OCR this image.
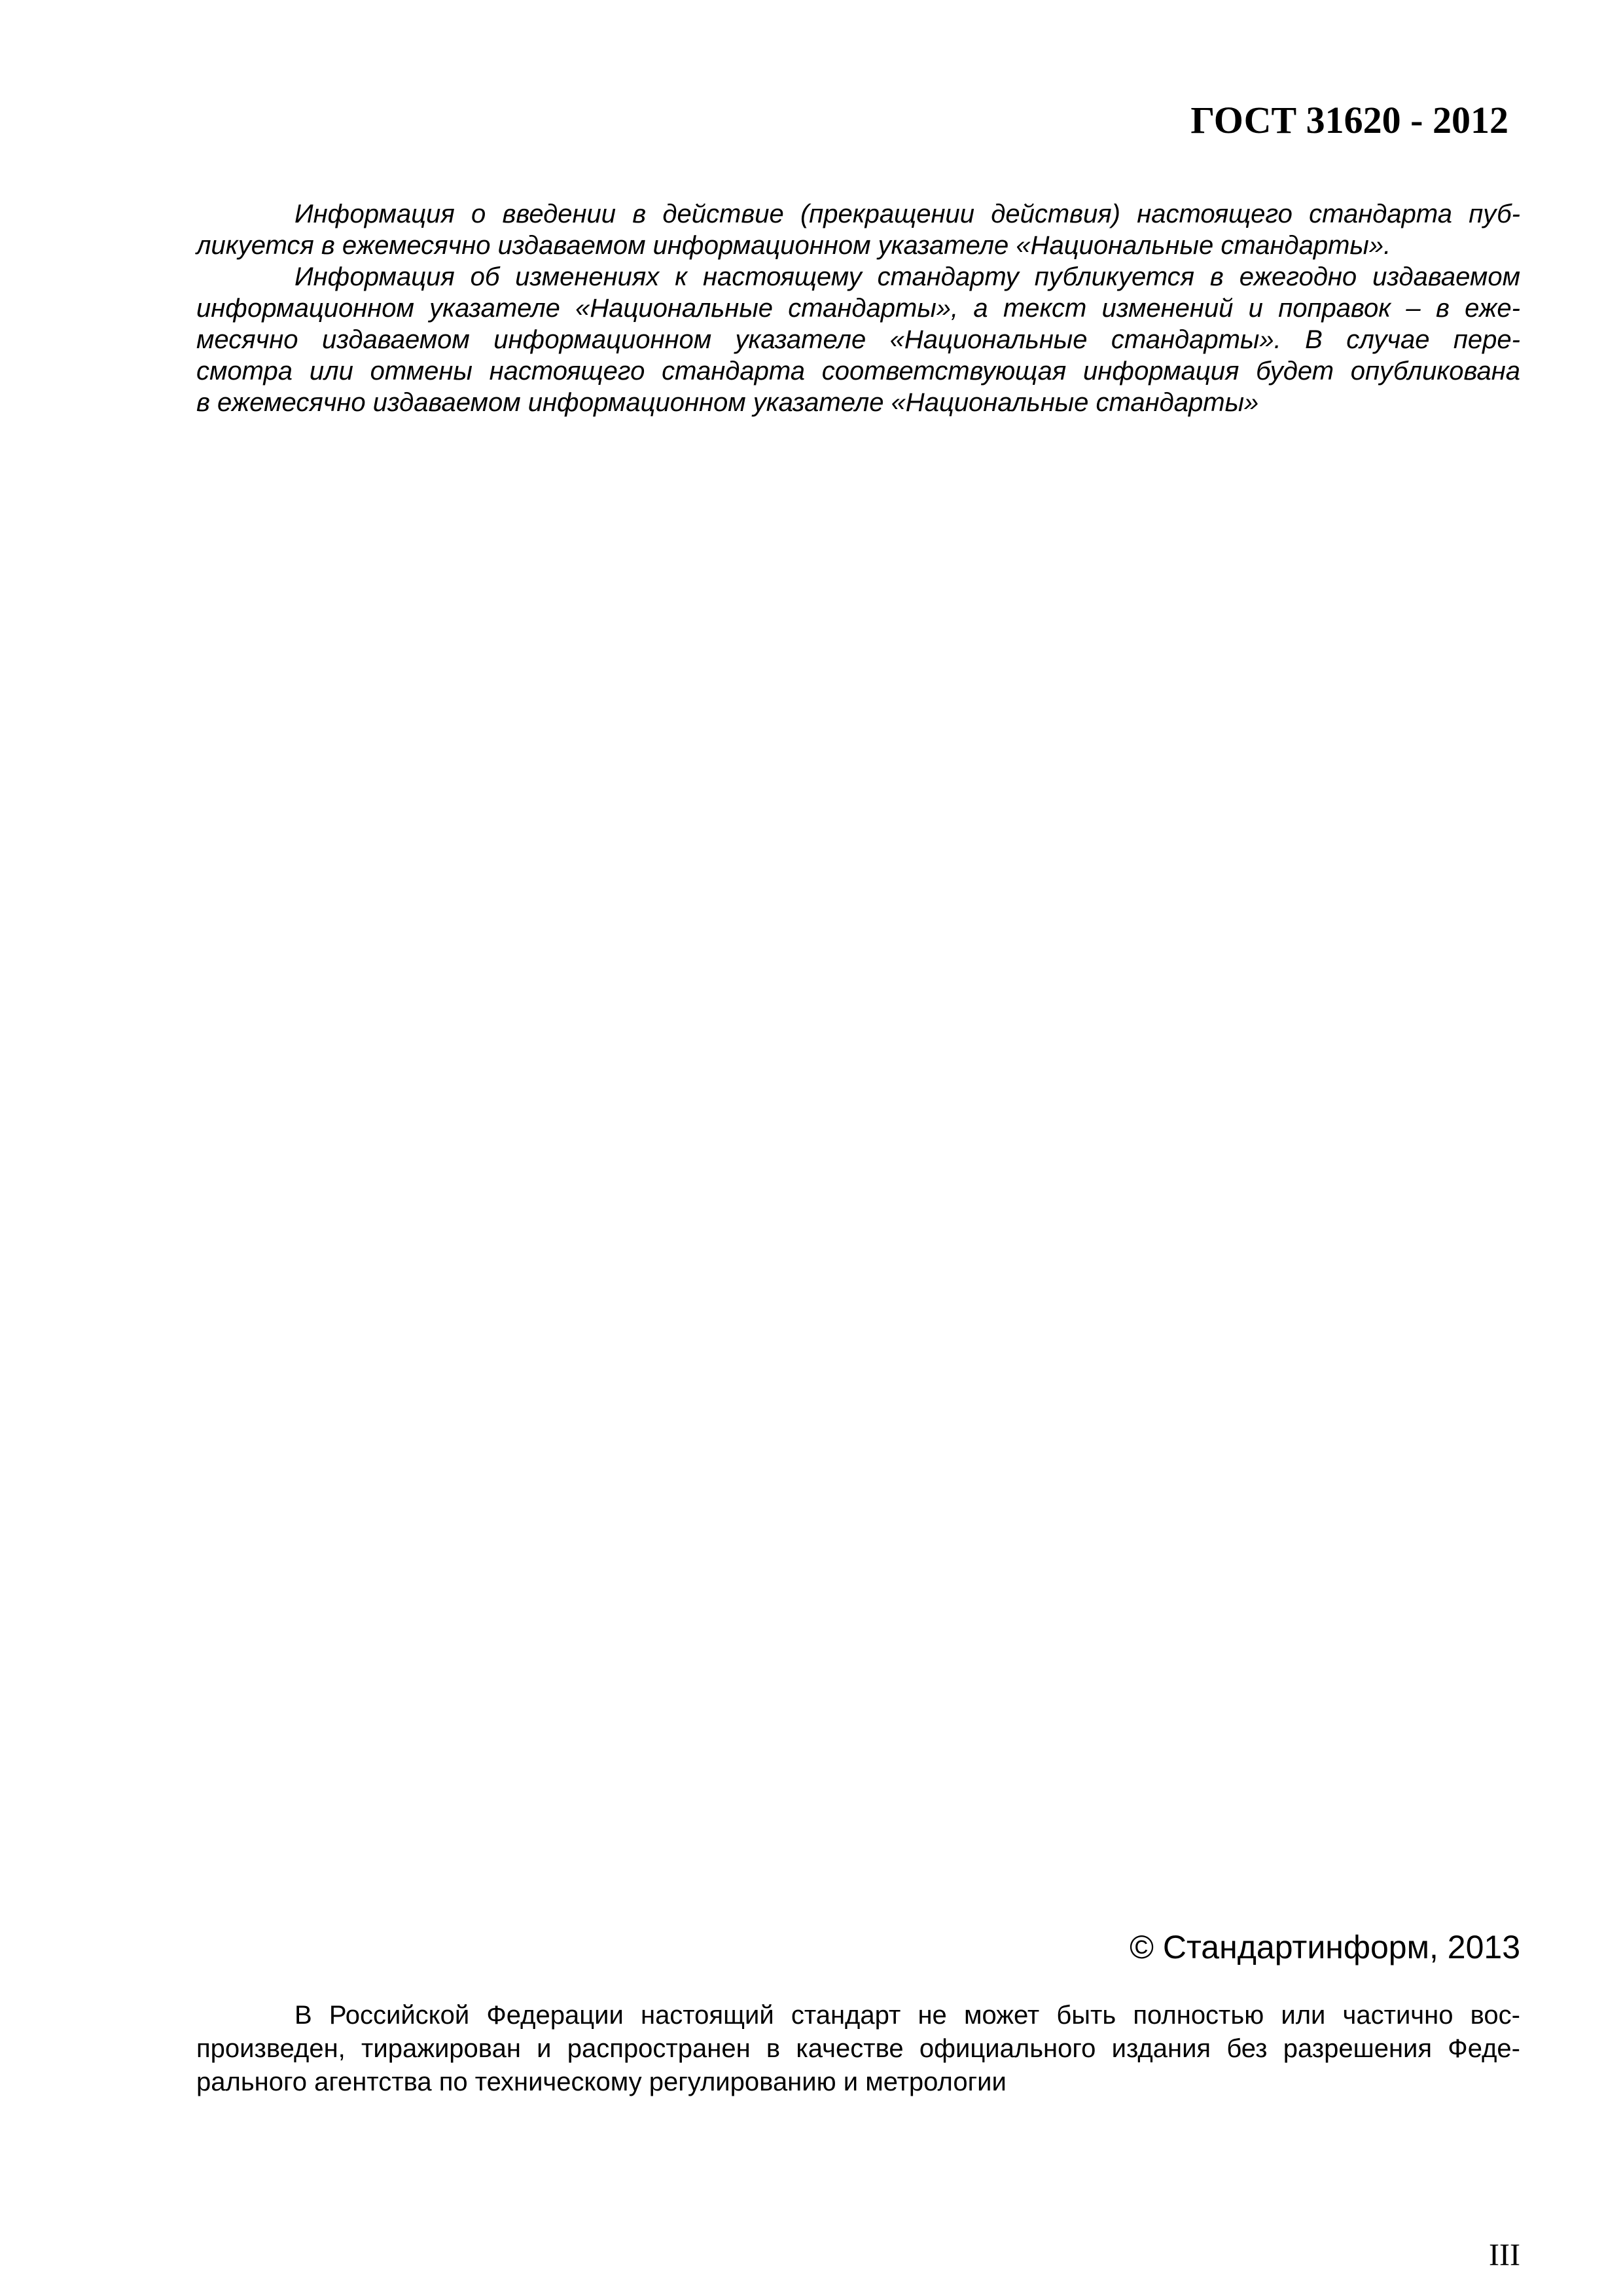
ГОСТ 31620 - 2012
Информация о введении в действие (прекращении действия) настоящего стандарта пуб-
ликуется в ежемесячно издаваемом информационном указателе «Национальные стандарты».
Информация об изменениях к настоящему стандарту публикуется в ежегодно издаваемом
информационном указателе «Национальные стандарты», а текст изменений и поправок – в еже-
месячно издаваемом информационном указателе «Национальные стандарты». В случае пере-
смотра или отмены настоящего стандарта соответствующая информация будет опубликована
в ежемесячно издаваемом информационном указателе «Национальные стандарты»
© Стандартинформ, 2013
В Российской Федерации настоящий стандарт не может быть полностью или частично вос-
произведен, тиражирован и распространен в качестве официального издания без разрешения Феде-
рального агентства по техническому регулированию и метрологии
III
